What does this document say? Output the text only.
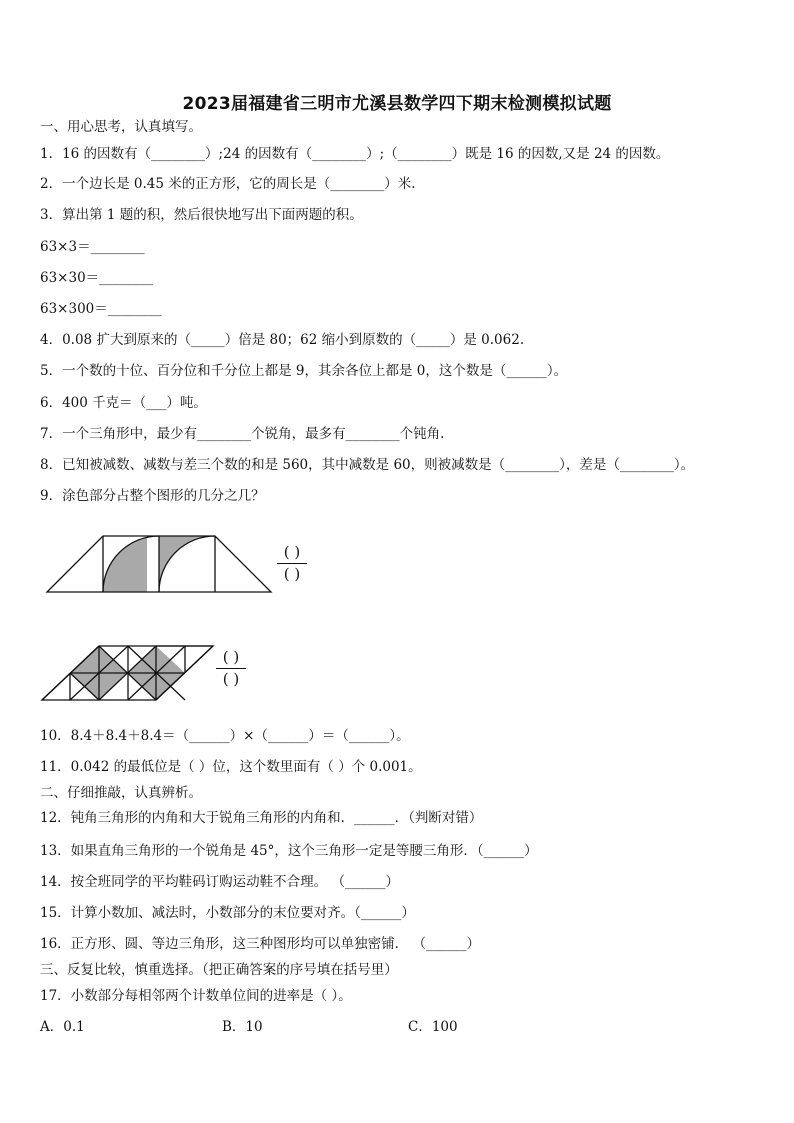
2023届福建省三明市尤溪县数学四下期末检测模拟试题
一、用心思考，认真填写。
1．16 的因数有（________）;24 的因数有（________）;（________）既是 16 的因数,又是 24 的因数。
2．一个边长是 0.45 米的正方形，它的周长是（________）米.
3．算出第 1 题的积，然后很快地写出下面两题的积。
63×3＝________
63×30＝________
63×300＝________
4．0.08 扩大到原来的（_____）倍是 80；62 缩小到原数的（_____）是 0.062.
5．一个数的十位、百分位和千分位上都是 9，其余各位上都是 0，这个数是（______）。
6．400 千克＝（___）吨。
7．一个三角形中，最少有________个锐角，最多有________个钝角.
8．已知被减数、减数与差三个数的和是 560，其中减数是 60，则被减数是（________），差是（________）。
9．涂色部分占整个图形的几分之几？
( )
( )
( )
( )
10．8.4＋8.4＋8.4＝（______）×（______）＝（______）。
11．0.042 的最低位是（ ）位，这个数里面有（ ）个 0.001。
二、仔细推敲，认真辨析。
12．钝角三角形的内角和大于锐角三角形的内角和．______．（判断对错）
13．如果直角三角形的一个锐角是 45°，这个三角形一定是等腰三角形．（______）
14．按全班同学的平均鞋码订购运动鞋不合理。 （______）
15．计算小数加、减法时，小数部分的末位要对齐。（______）
16．正方形、圆、等边三角形，这三种图形均可以单独密铺． （______）
三、反复比较，慎重选择。（把正确答案的序号填在括号里）
17．小数部分每相邻两个计数单位间的进率是（ ）。
A．0.1	B．10	C．100
